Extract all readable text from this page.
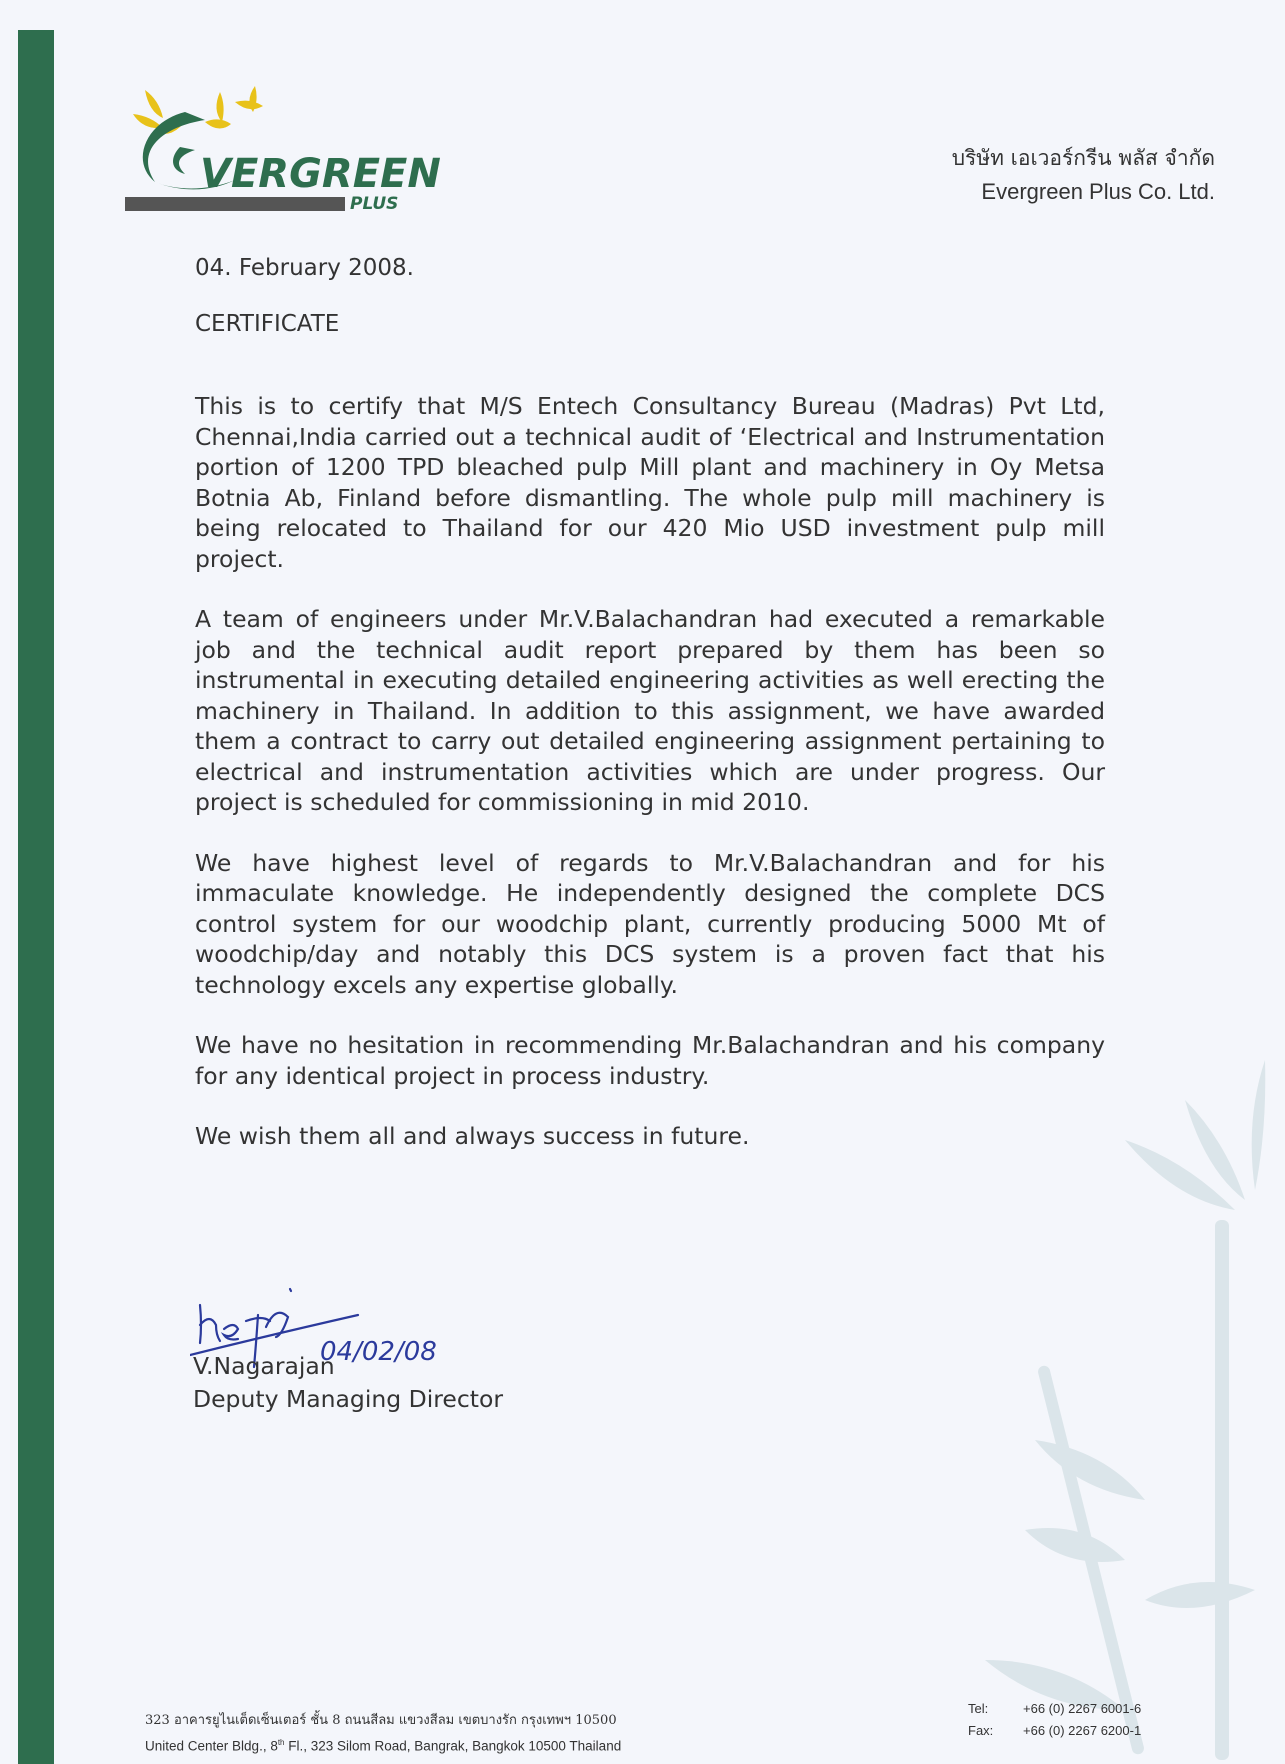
VERGREEN
PLUS
บริษัท เอเวอร์กรีน พลัส จำกัด
Evergreen Plus Co. Ltd.

04. February 2008.

CERTIFICATE

This is to certify that M/S Entech Consultancy Bureau (Madras) Pvt Ltd, Chennai,India carried out a technical audit of ‘Electrical and Instrumentation portion of 1200 TPD bleached pulp Mill plant and machinery in Oy Metsa Botnia Ab, Finland before dismantling. The whole pulp mill machinery is being relocated to Thailand for our 420 Mio USD investment pulp mill project.

A team of engineers under Mr.V.Balachandran had executed a remarkable job and the technical audit report prepared by them has been so instrumental in executing detailed engineering activities as well erecting the machinery in Thailand. In addition to this assignment, we have awarded them a contract to carry out detailed engineering assignment pertaining to electrical and instrumentation activities which are under progress. Our project is scheduled for commissioning in mid 2010.

We have highest level of regards to Mr.V.Balachandran and for his immaculate knowledge. He independently designed the complete DCS control system for our woodchip plant, currently producing 5000 Mt of woodchip/day and notably this DCS system is a proven fact that his technology excels any expertise globally.

We have no hesitation in recommending Mr.Balachandran and his company for any identical project in process industry.

We wish them all and always success in future.

04/02/08
V.Nagarajan
Deputy Managing Director
323 อาคารยูไนเต็ดเซ็นเตอร์ ชั้น 8 ถนนสีลม แขวงสีลม เขตบางรัก กรุงเทพฯ 10500
United Center Bldg., 8th Fl., 323 Silom Road, Bangrak, Bangkok 10500 Thailand
Tel:	+66 (0) 2267 6001-6
Fax: +66 (0) 2267 6200-1
